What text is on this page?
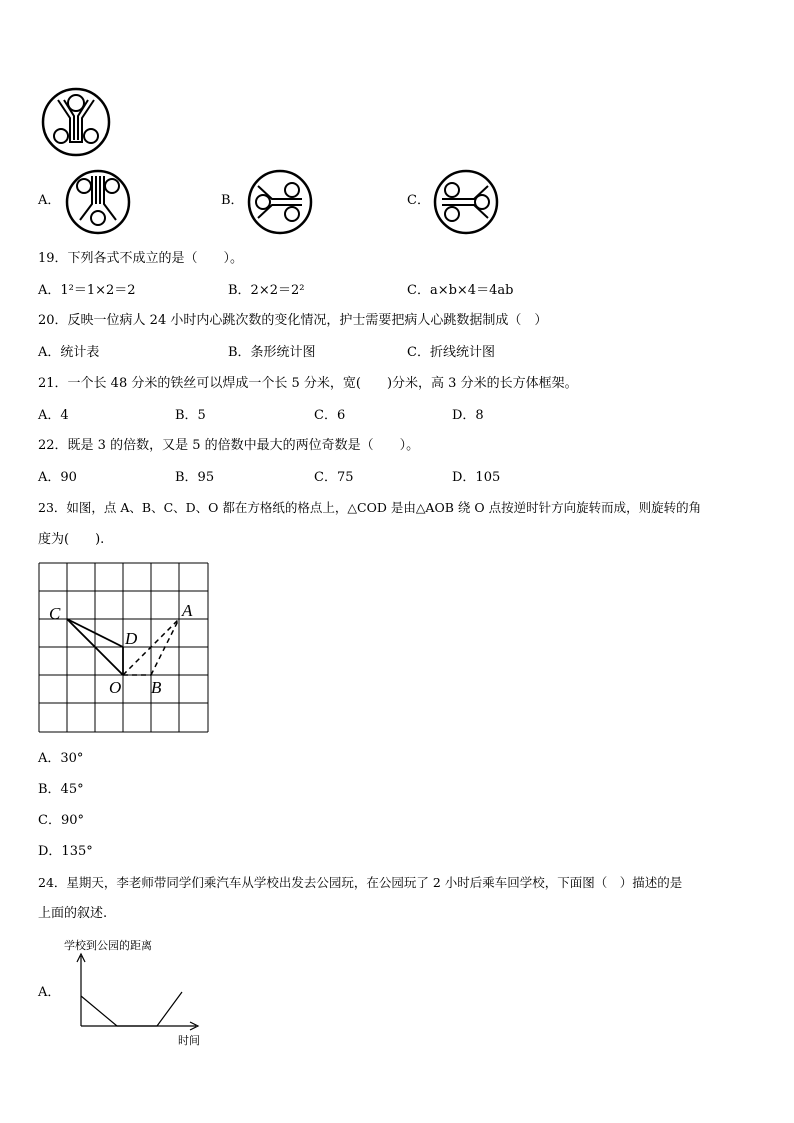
A．	B．	C．
19．下列各式不成立的是（　　）。
A．1²＝1×2＝2	B．2×2＝2²	C．a×b×4＝4ab
20．反映一位病人 24 小时内心跳次数的变化情况，护士需要把病人心跳数据制成（　）
A．统计表	B．条形统计图	C．折线统计图
21．一个长 48 分米的铁丝可以焊成一个长 5 分米，宽(　　)分米，高 3 分米的长方体框架。
A．4	B．5	C．6	D．8
22．既是 3 的倍数，又是 5 的倍数中最大的两位奇数是（　　）。
A．90	B．95	C．75	D．105
23．如图，点 A、B、C、D、O 都在方格纸的格点上，△COD 是由△AOB 绕 O 点按逆时针方向旋转而成，则旋转的角
度为(　　).
C
D
A
O B
A．30°
B．45°
C．90°
D．135°
24．星期天，李老师带同学们乘汽车从学校出发去公园玩，在公园玩了 2 小时后乘车回学校，下面图（　）描述的是
上面的叙述.
A．
学校到公园的距离
时间
